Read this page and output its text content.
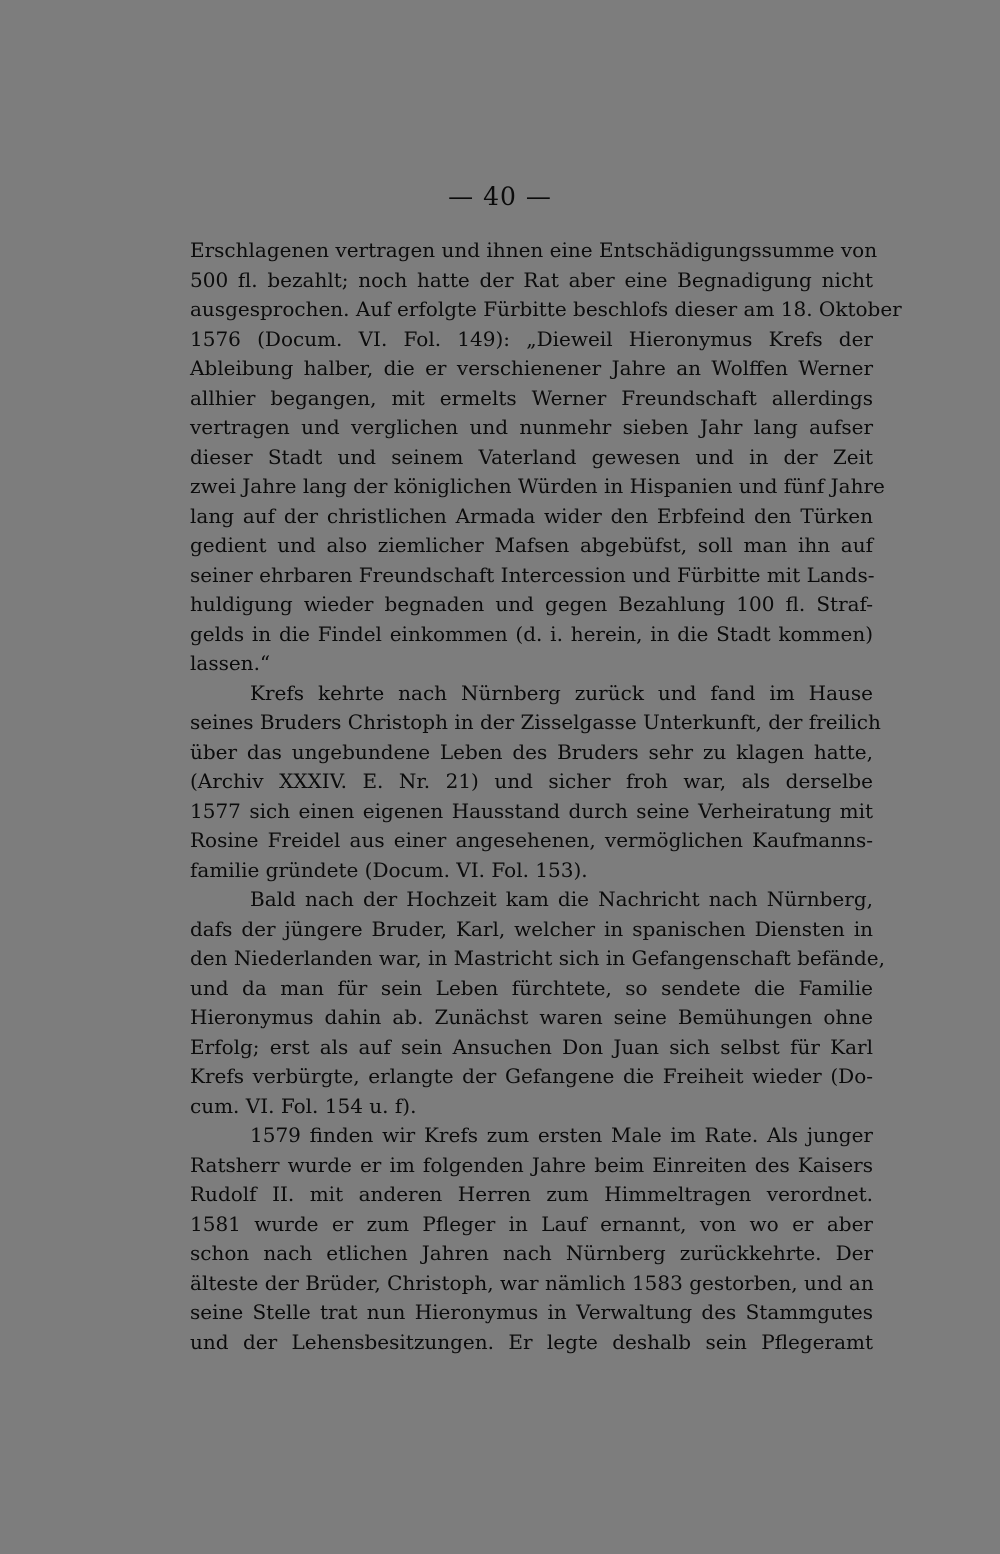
— 40 —
Erschlagenen vertragen und ihnen eine Entschädigungssumme von
500 fl. bezahlt; noch hatte der Rat aber eine Begnadigung nicht
ausgesprochen. Auf erfolgte Fürbitte beschlofs dieser am 18. Oktober
1576 (Docum. VI. Fol. 149): „Dieweil Hieronymus Krefs der
Ableibung halber, die er verschienener Jahre an Wolffen Werner
allhier begangen, mit ermelts Werner Freundschaft allerdings
vertragen und verglichen und nunmehr sieben Jahr lang aufser
dieser Stadt und seinem Vaterland gewesen und in der Zeit
zwei Jahre lang der königlichen Würden in Hispanien und fünf Jahre
lang auf der christlichen Armada wider den Erbfeind den Türken
gedient und also ziemlicher Mafsen abgebüfst, soll man ihn auf
seiner ehrbaren Freundschaft Intercession und Fürbitte mit Lands-
huldigung wieder begnaden und gegen Bezahlung 100 fl. Straf-
gelds in die Findel einkommen (d. i. herein, in die Stadt kommen)
lassen.“
Krefs kehrte nach Nürnberg zurück und fand im Hause
seines Bruders Christoph in der Zisselgasse Unterkunft, der freilich
über das ungebundene Leben des Bruders sehr zu klagen hatte,
(Archiv XXXIV. E. Nr. 21) und sicher froh war, als derselbe
1577 sich einen eigenen Hausstand durch seine Verheiratung mit
Rosine Freidel aus einer angesehenen, vermöglichen Kaufmanns-
familie gründete (Docum. VI. Fol. 153).
Bald nach der Hochzeit kam die Nachricht nach Nürnberg,
dafs der jüngere Bruder, Karl, welcher in spanischen Diensten in
den Niederlanden war, in Mastricht sich in Gefangenschaft befände,
und da man für sein Leben fürchtete, so sendete die Familie
Hieronymus dahin ab. Zunächst waren seine Bemühungen ohne
Erfolg; erst als auf sein Ansuchen Don Juan sich selbst für Karl
Krefs verbürgte, erlangte der Gefangene die Freiheit wieder (Do-
cum. VI. Fol. 154 u. f).
1579 finden wir Krefs zum ersten Male im Rate. Als junger
Ratsherr wurde er im folgenden Jahre beim Einreiten des Kaisers
Rudolf II. mit anderen Herren zum Himmeltragen verordnet.
1581 wurde er zum Pfleger in Lauf ernannt, von wo er aber
schon nach etlichen Jahren nach Nürnberg zurückkehrte. Der
älteste der Brüder, Christoph, war nämlich 1583 gestorben, und an
seine Stelle trat nun Hieronymus in Verwaltung des Stammgutes
und der Lehensbesitzungen. Er legte deshalb sein Pflegeramt
